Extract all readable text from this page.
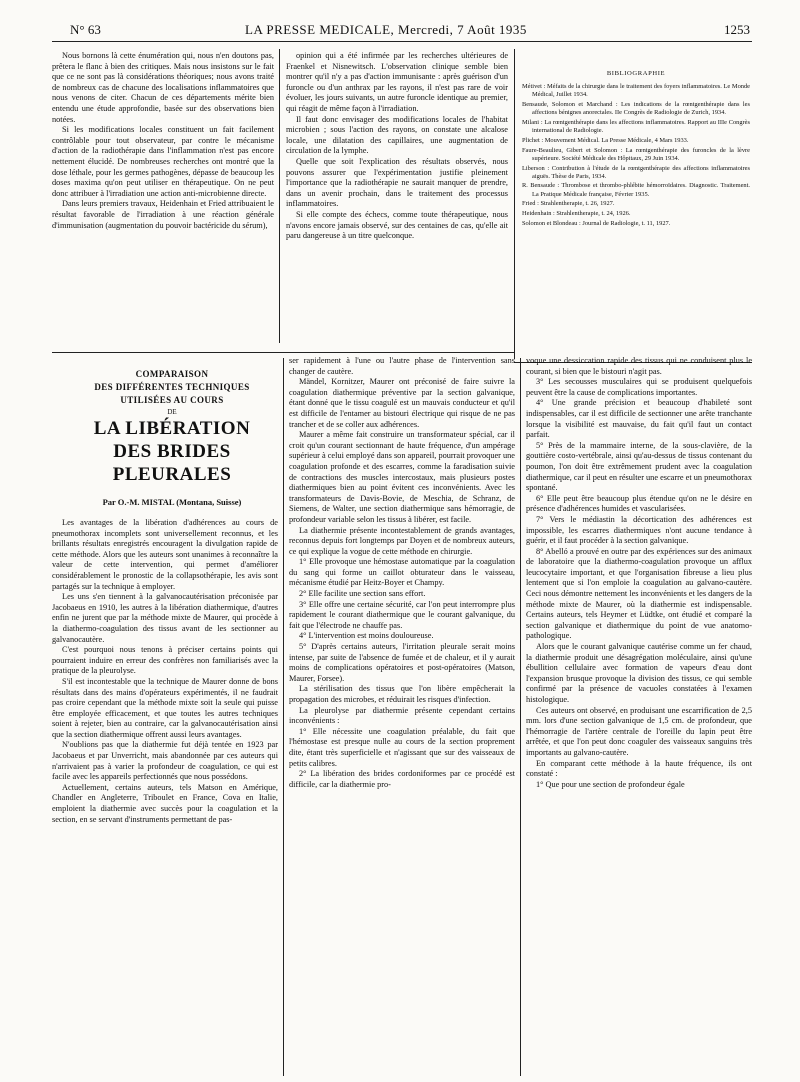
N° 63	LA PRESSE MEDICALE, Mercredi, 7 Août 1935	1253

Nous bornons là cette énumération qui, nous n'en doutons pas, prêtera le flanc à bien des critiques. Mais nous insistons sur le fait que ce ne sont pas là considérations théoriques; nous avons traité de nombreux cas de chacune des localisations inflammatoires que nous venons de citer. Chacun de ces départements mérite bien entendu une étude approfondie, basée sur des observations bien notées.

Si les modifications locales constituent un fait facilement contrôlable pour tout observateur, par contre le mécanisme d'action de la radiothérapie dans l'inflammation n'est pas encore nettement élucidé. De nombreuses recherches ont montré que la dose léthale, pour les germes pathogènes, dépasse de beaucoup les doses maxima qu'on peut utiliser en thérapeutique. On ne peut donc attribuer à l'irradiation une action anti-microbienne directe.

Dans leurs premiers travaux, Heidenhain et Fried attribuaient le résultat favorable de l'irradiation à une réaction générale d'immunisation (augmentation du pouvoir bactéricide du sérum),

opinion qui a été infirmée par les recherches ultérieures de Fraenkel et Nisnewitsch. L'observation clinique semble bien montrer qu'il n'y a pas d'action immunisante : après guérison d'un furoncle ou d'un anthrax par les rayons, il n'est pas rare de voir évoluer, les jours suivants, un autre furoncle identique au premier, qui réagit de même façon à l'irradiation.

Il faut donc envisager des modifications locales de l'habitat microbien ; sous l'action des rayons, on constate une alcalose locale, une dilatation des capillaires, une augmentation de circulation de la lymphe.

Quelle que soit l'explication des résultats observés, nous pouvons assurer que l'expérimentation justifie pleinement l'importance que la radiothérapie ne saurait manquer de prendre, dans un avenir prochain, dans le traitement des processus inflammatoires.

Si elle compte des échecs, comme toute thérapeutique, nous n'avons encore jamais observé, sur des centaines de cas, qu'elle ait paru dangereuse à un titre quelconque.

BIBLIOGRAPHIE
Métivet : Méfaits de la chirurgie dans le traitement des foyers inflammatoires. Le Monde Médical, Juillet 1934.
Bensaude, Solomon et Marchand : Les indications de la rœntgenthérapie dans les affections bénignes anorectales. IIe Congrès de Radiologie de Zurich, 1934.
Milani : La rœntgenthérapie dans les affections inflammatoires. Rapport au IIIe Congrès international de Radiologie.
Plichet : Mouvement Médical. La Presse Médicale, 4 Mars 1933.
Faure-Beaulieu, Gibert et Solomon : La rœntgenthérapie des furoncles de la lèvre supérieure. Société Médicale des Hôpitaux, 29 Juin 1934.
Liberson : Contribution à l'étude de la rœntgenthérapie des affections inflammatoires aiguës. Thèse de Paris, 1934.
R. Bensaude : Thrombose et thrombo-phlébite hémorroïdaires. Diagnostic. Traitement. La Pratique Médicale française, Février 1935.
Fried : Strahlentherapie, t. 26, 1927.
Heidenhain : Strahlentherapie, t. 24, 1926.
Solomon et Blondeau : Journal de Radiologie, t. 11, 1927.
COMPARAISON
DES DIFFÉRENTES TECHNIQUES
UTILISÉES AU COURS
DE
LA LIBÉRATION
DES BRIDES PLEURALES
Par O.-M. MISTAL (Montana, Suisse)

Les avantages de la libération d'adhérences au cours de pneumothorax incomplets sont universellement reconnus, et les brillants résultats enregistrés encouragent la divulgation rapide de cette méthode. Alors que les auteurs sont unanimes à reconnaître la valeur de cette intervention, qui permet d'améliorer considérablement le pronostic de la collapsothérapie, les avis sont partagés sur la technique à employer.

Les uns s'en tiennent à la galvanocautérisation préconisée par Jacobaeus en 1910, les autres à la libération diathermique, d'autres enfin ne jurent que par la méthode mixte de Maurer, qui procède à la diathermo-coagulation des tissus avant de les sectionner au galvanocautère.

C'est pourquoi nous tenons à préciser certains points qui pourraient induire en erreur des confrères non familiarisés avec la pratique de la pleurolyse.

S'il est incontestable que la technique de Maurer donne de bons résultats dans des mains d'opérateurs expérimentés, il ne faudrait pas croire cependant que la méthode mixte soit la seule qui puisse être employée efficacement, et que toutes les autres techniques soient à rejeter, bien au contraire, car la galvanocautérisation ainsi que la section diathermique offrent aussi leurs avantages.

N'oublions pas que la diathermie fut déjà tentée en 1923 par Jacobaeus et par Unverricht, mais abandonnée par ces auteurs qui n'arrivaient pas à varier la profondeur de coagulation, ce qui est facile avec les appareils perfectionnés que nous possédons.

Actuellement, certains auteurs, tels Matson en Amérique, Chandler en Angleterre, Triboulet en France, Cova en Italie, emploient la diathermie avec succès pour la coagulation et la section, en se servant d'instruments permettant de pas-

ser rapidement à l'une ou l'autre phase de l'intervention sans changer de cautère.

Mändel, Kornitzer, Maurer ont préconisé de faire suivre la coagulation diathermique préventive par la section galvanique, étant donné que le tissu coagulé est un mauvais conducteur et qu'il est difficile de l'entamer au bistouri électrique qui risque de ne pas trancher et de se coller aux adhérences.

Maurer a même fait construire un transformateur spécial, car il croit qu'un courant sectionnant de haute fréquence, d'un ampérage supérieur à celui employé dans son appareil, pourrait provoquer une coagulation profonde et des escarres, comme la faradisation suivie de contractions des muscles intercostaux, mais plusieurs postes diathermiques bien au point évitent ces inconvénients. Avec les transformateurs de Davis-Bovie, de Meschia, de Schranz, de Siemens, de Walter, une section diathermique sans hémorragie, de profondeur variable selon les tissus à libérer, est facile.

La diathermie présente incontestablement de grands avantages, reconnus depuis fort longtemps par Doyen et de nombreux auteurs, ce qui explique la vogue de cette méthode en chirurgie.

1° Elle provoque une hémostase automatique par la coagulation du sang qui forme un caillot obturateur dans le vaisseau, mécanisme étudié par Heitz-Boyer et Champy.

2° Elle facilite une section sans effort.

3° Elle offre une certaine sécurité, car l'on peut interrompre plus rapidement le courant diathermique que le courant galvanique, du fait que l'électrode ne chauffe pas.

4° L'intervention est moins douloureuse.

5° D'après certains auteurs, l'irritation pleurale serait moins intense, par suite de l'absence de fumée et de chaleur, et il y aurait moins de complications opératoires et post-opératoires (Matson, Maurer, Forsee).

La stérilisation des tissus que l'on libère empêcherait la propagation des microbes, et réduirait les risques d'infection.

La pleurolyse par diathermie présente cependant certains inconvénients :

1° Elle nécessite une coagulation préalable, du fait que l'hémostase est presque nulle au cours de la section proprement dite, étant très superficielle et n'agissant que sur des vaisseaux de petits calibres.

2° La libération des brides cordoniformes par ce procédé est difficile, car la diathermie pro-

voque une dessiccation rapide des tissus qui ne conduisent plus le courant, si bien que le bistouri n'agit pas.

3° Les secousses musculaires qui se produisent quelquefois peuvent être la cause de complications importantes.

4° Une grande précision et beaucoup d'habileté sont indispensables, car il est difficile de sectionner une arête tranchante lorsque la visibilité est mauvaise, du fait qu'il faut un contact parfait.

5° Près de la mammaire interne, de la sous-clavière, de la gouttière costo-vertébrale, ainsi qu'au-dessus de tissus contenant du poumon, l'on doit être extrêmement prudent avec la coagulation diathermique, car il peut en résulter une escarre et un pneumothorax spontané.

6° Elle peut être beaucoup plus étendue qu'on ne le désire en présence d'adhérences humides et vascularisées.

7° Vers le médiastin la décortication des adhérences est impossible, les escarres diathermiques n'ont aucune tendance à guérir, et il faut procéder à la section galvanique.

8° Abelló a prouvé en outre par des expériences sur des animaux de laboratoire que la diathermo-coagulation provoque un afflux leucocytaire important, et que l'organisation fibreuse a lieu plus lentement que si l'on emploie la coagulation au galvano-cautère. Ceci nous démontre nettement les inconvénients et les dangers de la méthode mixte de Maurer, où la diathermie est indispensable. Certains auteurs, tels Heymer et Lüdtke, ont étudié et comparé la section galvanique et diathermique du point de vue anatomo-pathologique.

Alors que le courant galvanique cautérise comme un fer chaud, la diathermie produit une désagrégation moléculaire, ainsi qu'une ébullition cellulaire avec formation de vapeurs d'eau dont l'expansion brusque provoque la division des tissus, ce qui semble confirmé par la présence de vacuoles constatées à l'examen histologique.

Ces auteurs ont observé, en produisant une escarrification de 2,5 mm. lors d'une section galvanique de 1,5 cm. de profondeur, que l'hémorragie de l'artère centrale de l'oreille du lapin peut être arrêtée, et que l'on peut donc coaguler des vaisseaux sanguins très importants au galvano-cautère.

En comparant cette méthode à la haute fréquence, ils ont constaté :

1° Que pour une section de profondeur égale
